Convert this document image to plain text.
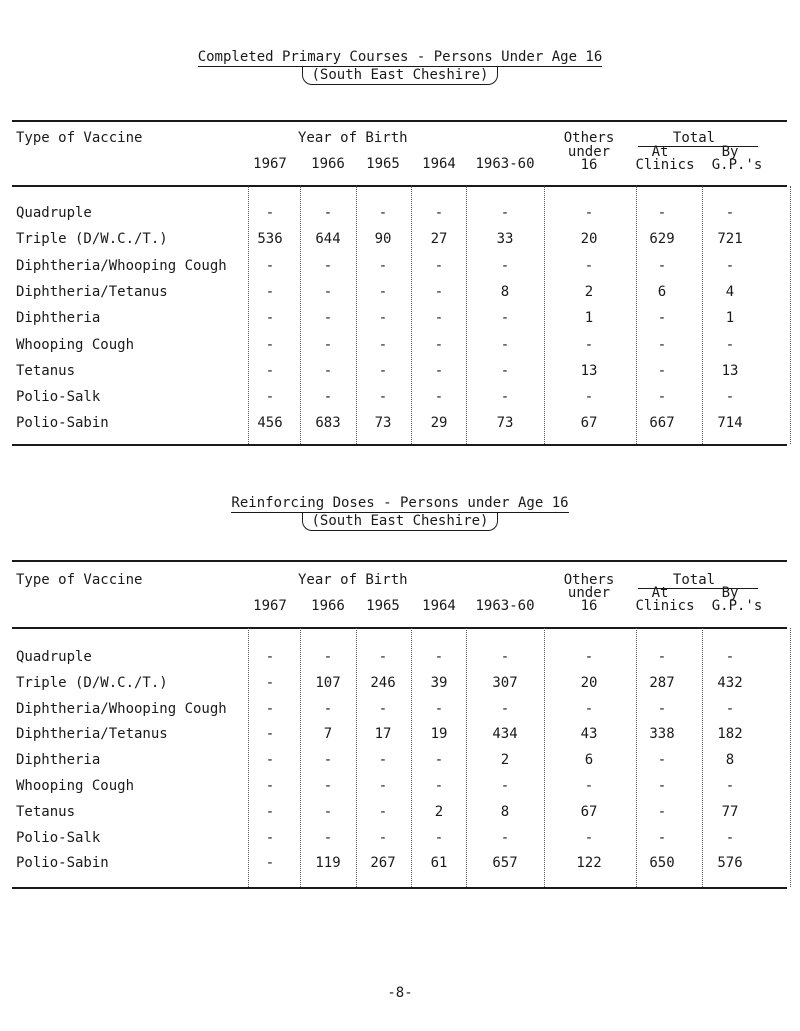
Completed Primary Courses - Persons Under Age 16
(South East Cheshire)
Type of Vaccine	Year of Birth
1967 1966 1965 1964 1963-60
Others
under
16
Total
At
Clinics
By
G.P.'s
Quadruple	-	-	-	-	-	-	-	-
Triple (D/W.C./T.)	536 644 90	27	33	20	629	721
Diphtheria/Whooping Cough	-	-	-	-	-	-	-	-
Diphtheria/Tetanus	-	-	-	-	8	2	6	4
Diphtheria	-	-	-	-	-	1	-	1
Whooping Cough	-	-	-	-	-	-	-	-
Tetanus	-	-	-	-	-	13	-	13
Polio-Salk	-	-	-	-	-	-	-	-
Polio-Sabin	456 683 73	29	73	67	667	714
Reinforcing Doses - Persons under Age 16
(South East Cheshire)
Type of Vaccine	Year of Birth
1967 1966 1965 1964 1963-60
Others
under
16
Total
At
Clinics
By
G.P.'s
Quadruple	-	-	-	-	-	-	-	-
Triple (D/W.C./T.)	-	107 246 39	307	20	287	432
Diphtheria/Whooping Cough	-	-	-	-	-	-	-	-
Diphtheria/Tetanus	-	7	17	19	434	43	338	182
Diphtheria	-	-	-	-	2	6	-	8
Whooping Cough	-	-	-	-	-	-	-	-
Tetanus	-	-	-	2	8	67	-	77
Polio-Salk	-	-	-	-	-	-	-	-
Polio-Sabin	-	119 267 61	657	122	650	576
-8-
